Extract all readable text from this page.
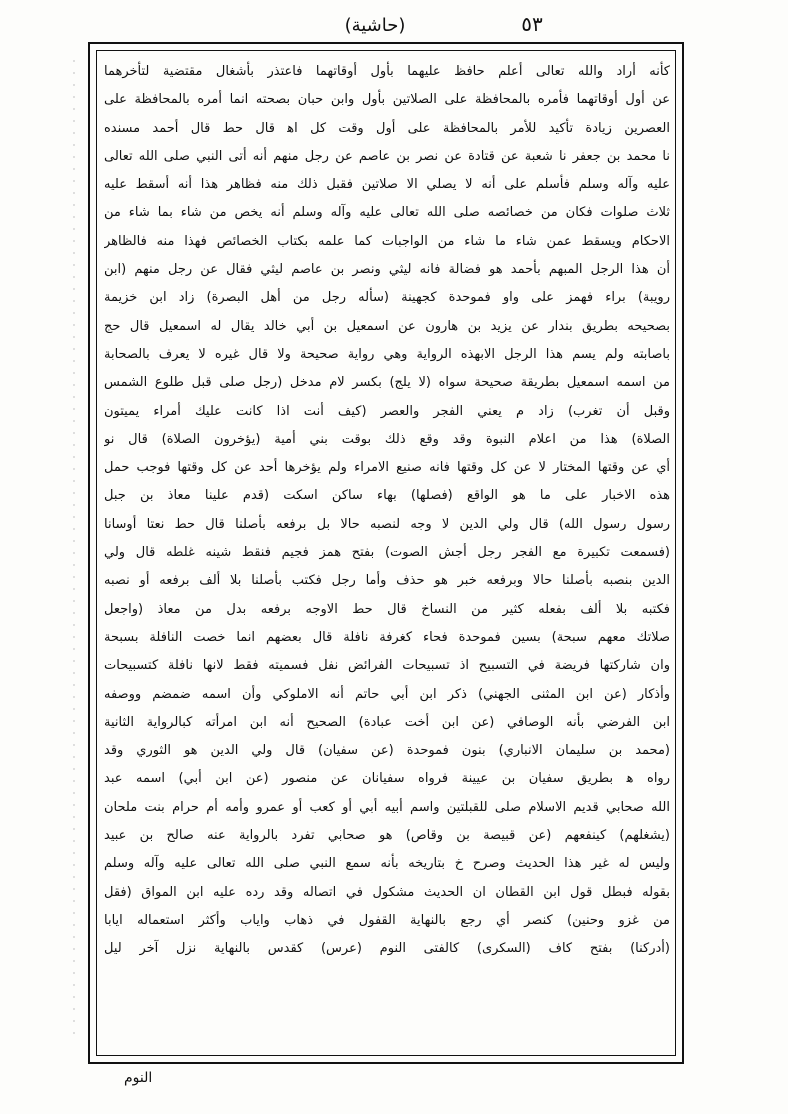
٥٣
(حاشية)
كأنه أراد والله تعالى أعلم حافظ عليهما بأول أوقاتهما فاعتذر بأشغال مقتضية لتأخرهما
عن أول أوقاتهما فأمره بالمحافظة على الصلاتين بأول وابن حبان بصحته انما أمره بالمحافظة على
العصرين زيادة تأكيد للأمر بالمحافظة على أول وقت كل اﻫ قال حط قال أحمد مسنده
نا محمد بن جعفر نا شعبة عن قتادة عن نصر بن عاصم عن رجل منهم أنه أتى النبي صلى الله تعالى
عليه وآله وسلم فأسلم على أنه لا يصلي الا صلاتين فقبل ذلك منه فظاهر هذا أنه أسقط عليه
ثلاث صلوات فكان من خصائصه صلى الله تعالى عليه وآله وسلم أنه يخص من شاء بما شاء من
الاحكام ويسقط عمن شاء ما شاء من الواجبات كما علمه بكتاب الخصائص فهذا منه فالظاهر
أن هذا الرجل المبهم بأحمد هو فضالة فانه ليثي ونصر بن عاصم ليثي فقال عن رجل منهم (ابن
رويبة) براء فهمز على واو فموحدة كجهينة (سأله رجل من أهل البصرة) زاد ابن خزيمة
بصحيحه بطريق بندار عن يزيد بن هارون عن اسمعيل بن أبي خالد يقال له اسمعيل قال حج
باصابته ولم يسم هذا الرجل الابهذه الرواية وهي رواية صحيحة ولا قال غيره لا يعرف بالصحابة
من اسمه اسمعيل بطريقة صحيحة سواه (لا يلج) بكسر لام مدخل (رجل صلى قبل طلوع الشمس
وقبل أن تغرب) زاد م يعني الفجر والعصر (كيف أنت اذا كانت عليك أمراء يميتون
الصلاة) هذا من اعلام النبوة وقد وقع ذلك بوقت بني أمية (يؤخرون الصلاة) قال نو
أي عن وقتها المختار لا عن كل وقتها فانه صنيع الامراء ولم يؤخرها أحد عن كل وقتها فوجب حمل
هذه الاخبار على ما هو الواقع (فصلها) بهاء ساكن اسكت (قدم علينا معاذ بن جبل
رسول رسول الله) قال ولي الدين لا وجه لنصبه حالا بل برفعه بأصلنا قال حط نعتا أوسانا
(فسمعت تكبيرة مع الفجر رجل أجش الصوت) بفتح همز فجيم فنقط شينه غلطه قال ولي
الدين بنصبه بأصلنا حالا وبرفعه خبر هو حذف وأما رجل فكتب بأصلنا بلا ألف برفعه أو نصبه
فكتبه بلا ألف بفعله كثير من النساخ قال حط الاوجه برفعه بدل من معاذ (واجعل
صلاتك معهم سبحة) بسين فموحدة فحاء كغرفة نافلة قال بعضهم انما خصت النافلة بسبحة
وان شاركتها فريضة في التسبيح اذ تسبيحات الفرائض نفل فسميته فقط لانها نافلة كتسبيحات
وأذكار (عن ابن المثنى الجهني) ذكر ابن أبي حاتم أنه الاملوكي وأن اسمه ضمضم ووصفه
ابن الفرضي بأنه الوصافي (عن ابن أخت عبادة) الصحيح أنه ابن امرأته كبالرواية الثانية
(محمد بن سليمان الانباري) بنون فموحدة (عن سفيان) قال ولي الدين هو الثوري وقد
رواه ﻫ بطريق سفيان بن عيينة فرواه سفيانان عن منصور (عن ابن أبي) اسمه عبد
الله صحابي قديم الاسلام صلى للقبلتين واسم أبيه أبي أو كعب أو عمرو وأمه أم حرام بنت ملحان
(يشغلهم) كينفعهم (عن قبيصة بن وقاص) هو صحابي تفرد بالرواية عنه صالح بن عبيد
وليس له غير هذا الحديث وصرح خ بتاريخه بأنه سمع النبي صلى الله تعالى عليه وآله وسلم
بقوله فبطل قول ابن القطان ان الحديث مشكول في اتصاله وقد رده عليه ابن المواق (فقل
من غزو وحنين) كنصر أي رجع بالنهاية القفول في ذهاب واياب وأكثر استعماله ايابا
(أدركنا) بفتح كاف (السكرى) كالفتى النوم (عرس) كقدس بالنهاية نزل آخر ليل
النوم
